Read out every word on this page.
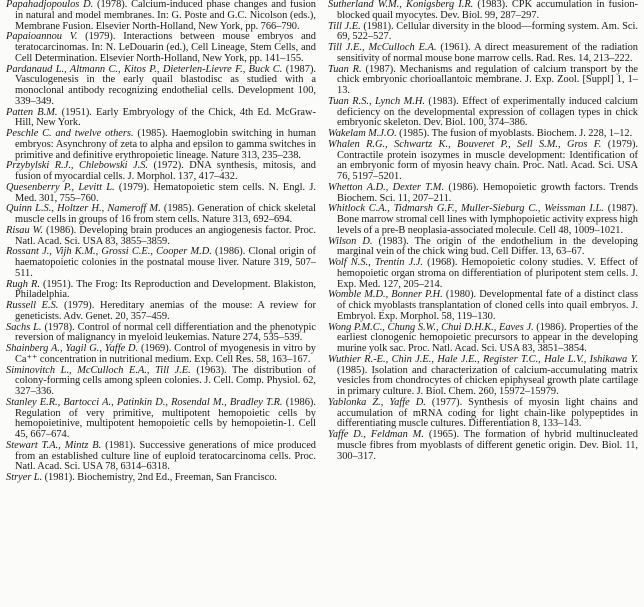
Papahadjopoulos D. (1978). Calcium-induced phase changes and fusion in natural and model membranes. In: G. Poste and G.C. Nicolson (eds.), Membrane Fusion. Elsevier North-Holland, New York, pp. 766–790.

Papaioannou V. (1979). Interactions between mouse embryos and teratocarcinomas. In: N. LeDouarin (ed.), Cell Lineage, Stem Cells, and Cell Determination. Elsevier North-Holland, New York, pp. 141–155.

Pardanaud L., Altmann C., Kitos P., Dieterlen-Lievre F., Buck C. (1987). Vasculogenesis in the early quail blastodisc as studied with a monoclonal antibody recognizing endothelial cells. Development 100, 339–349.

Patten B.M. (1951). Early Embryology of the Chick, 4th Ed. McGraw-Hill, New York.

Peschle C. and twelve others. (1985). Haemoglobin switching in human embryos: Asynchrony of zeta to alpha and epsilon to gamma switches in primitive and definitive erythropoietic lineage. Nature 313, 235–238.

Przybylski R.J., Chlebowski J.S. (1972). DNA synthesis, mitosis, and fusion of myocardial cells. J. Morphol. 137, 417–432.

Quesenberry P., Levitt L. (1979). Hematopoietic stem cells. N. Engl. J. Med. 301, 755–760.

Quinn L.S., Holtzer H., Nameroff M. (1985). Generation of chick skeletal muscle cells in groups of 16 from stem cells. Nature 313, 692–694.

Risau W. (1986). Developing brain produces an angiogenesis factor. Proc. Natl. Acad. Sci. USA 83, 3855–3859.

Rossant J., Vijh K.M., Grossi C.E., Cooper M.D. (1986). Clonal origin of haematopoietic colonies in the postnatal mouse liver. Nature 319, 507–511.

Rugh R. (1951). The Frog: Its Reproduction and Development. Blakiston, Philadelphia.

Russell E.S. (1979). Hereditary anemias of the mouse: A review for geneticists. Adv. Genet. 20, 357–459.

Sachs L. (1978). Control of normal cell differentiation and the phenotypic reversion of malignancy in myeloid leukemias. Nature 274, 535–539.

Shainberg A., Yagil G., Yaffe D. (1969). Control of myogenesis in vitro by Ca⁺⁺ concentration in nutritional medium. Exp. Cell Res. 58, 163–167.

Siminovitch L., McCulloch E.A., Till J.E. (1963). The distribution of colony-forming cells among spleen colonies. J. Cell. Comp. Physiol. 62, 327–336.

Stanley E.R., Bartocci A., Patinkin D., Rosendal M., Bradley T.R. (1986). Regulation of very primitive, multipotent hemopoietic cells by hemopoietinive, multipotent hemopoietic cells by hemopoietin-1. Cell 45, 667–674.

Stewart T.A., Mintz B. (1981). Successive generations of mice produced from an established culture line of euploid teratocarcinoma cells. Proc. Natl. Acad. Sci. USA 78, 6314–6318.

Stryer L. (1981). Biochemistry, 2nd Ed., Freeman, San Francisco.

Sutherland W.M., Konigsberg I.R. (1983). CPK accumulation in fusion-blocked quail myocytes. Dev. Biol. 99, 287–297.

Till J.E. (1981). Cellular diversity in the blood—forming system. Am. Sci. 69, 522–527.

Till J.E., McCulloch E.A. (1961). A direct measurement of the radiation sensitivity of normal mouse bone marrow cells. Rad. Res. 14, 213–222.

Tuan R. (1987). Mechanisms and regulation of calcium transport by the chick embryonic chorioallantoic membrane. J. Exp. Zool. [Suppl] 1, 1–13.

Tuan R.S., Lynch M.H. (1983). Effect of experimentally induced calcium deficiency on the developmental expression of collagen types in chick embryonic skeleton. Dev. Biol. 100, 374–386.

Wakelam M.J.O. (1985). The fusion of myoblasts. Biochem. J. 228, 1–12.

Whalen R.G., Schwartz K., Bouveret P., Sell S.M., Gros F. (1979). Contractile protein isozymes in muscle development: Identification of an embryonic form of myosin heavy chain. Proc. Natl. Acad. Sci. USA 76, 5197–5201.

Whetton A.D., Dexter T.M. (1986). Hemopoietic growth factors. Trends Biochem. Sci. 11, 207–211.

Whitlock C.A., Tidmarsh G.F., Muller-Sieburg C., Weissman I.L. (1987). Bone marrow stromal cell lines with lymphopoietic activity express high levels of a pre-B neoplasia-associated molecule. Cell 48, 1009–1021.

Wilson D. (1983). The origin of the endothelium in the developing marginal vein of the chick wing bud. Cell Differ. 13, 63–67.

Wolf N.S., Trentin J.J. (1968). Hemopoietic colony studies. V. Effect of hemopoietic organ stroma on differentiation of pluripotent stem cells. J. Exp. Med. 127, 205–214.

Womble M.D., Bonner P.H. (1980). Developmental fate of a distinct class of chick myoblasts transplantation of cloned cells into quail embryos. J. Embryol. Exp. Morphol. 58, 119–130.

Wong P.M.C., Chung S.W., Chui D.H.K., Eaves J. (1986). Properties of the earliest clonogenic hemopoietic precursors to appear in the developing murine yolk sac. Proc. Natl. Acad. Sci. USA 83, 3851–3854.

Wuthier R.-E., Chin J.E., Hale J.E., Register T.C., Hale L.V., Ishikawa Y. (1985). Isolation and characterization of calcium-accumulating matrix vesicles from chondrocytes of chicken epiphyseal growth plate cartilage in primary culture. J. Biol. Chem. 260, 15972–15979.

Yablonka Z., Yaffe D. (1977). Synthesis of myosin light chains and accumulation of mRNA coding for light chain-like polypeptides in differentiating muscle cultures. Differentiation 8, 133–143.

Yaffe D., Feldman M. (1965). The formation of hybrid multinucleated muscle fibres from myoblasts of different genetic origin. Dev. Biol. 11, 300–317.
